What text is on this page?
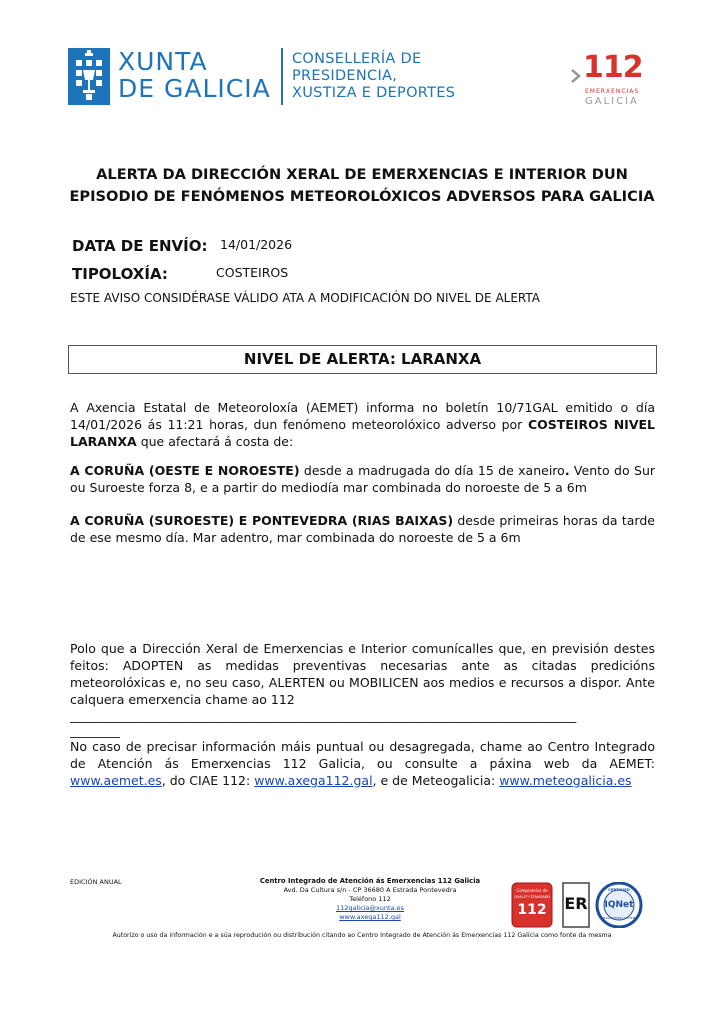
XUNTA
DE GALICIA
CONSELLERÍA DE
PRESIDENCIA,
XUSTIZA E DEPORTES
112
EMERXENCIAS
GALICIA
ALERTA DA DIRECCIÓN XERAL DE EMERXENCIAS E INTERIOR DUN
EPISODIO DE FENÓMENOS METEOROLÓXICOS ADVERSOS PARA GALICIA
DATA DE ENVÍO: 14/01/2026
TIPOLOXÍA:	COSTEIROS
ESTE AVISO CONSIDÉRASE VÁLIDO ATA A MODIFICACIÓN DO NIVEL DE ALERTA
NIVEL DE ALERTA: LARANXA
A Axencia Estatal de Meteoroloxía (AEMET) informa no boletín 10/71GAL emitido o día 14/01/2026 ás 11:21 horas, dun fenómeno meteorolóxico adverso por COSTEIROS NIVEL LARANXA que afectará á costa de:
A CORUÑA (OESTE E NOROESTE) desde a madrugada do día 15 de xaneiro. Vento do Sur ou Suroeste forza 8, e a partir do mediodía mar combinada do noroeste de 5 a 6m
A CORUÑA (SUROESTE) E PONTEVEDRA (RIAS BAIXAS) desde primeiras horas da tarde de ese mesmo día. Mar adentro, mar combinada do noroeste de 5 a 6m
Polo que a Dirección Xeral de Emerxencias e Interior comunícalles que, en previsión destes feitos: ADOPTEN as medidas preventivas necesarias ante as citadas predicións meteorolóxicas e, no seu caso, ALERTEN ou MOBILICEN aos medios e recursos a dispor. Ante calquera emerxencia chame ao 112
_________________________________________________________________________________
________
No caso de precisar información máis puntual ou desagregada, chame ao Centro Integrado de Atención ás Emerxencias 112 Galicia, ou consulte a páxina web da AEMET: www.aemet.es, do CIAE 112: www.axega112.gal, e de Meteogalicia: www.meteogalicia.es
EDICIÓN ANUAL	Centro Integrado de Atención ás Emerxencias 112 Galicia
Avd. Da Cultura s/n - CP 36680 A Estrada Pontevedra
Teléfono 112
112galicia@xunta.es
www.axega112.gal
Compromiso de
QUALITY STANDARD
112	ER
CERTIFIED
IQNet
MANAGEMENT SYSTEM
Autorizo o uso da información e a súa reprodución ou distribución citando ao Centro Integrado de Atención ás Emerxencias 112 Galicia como fonte da mesma
